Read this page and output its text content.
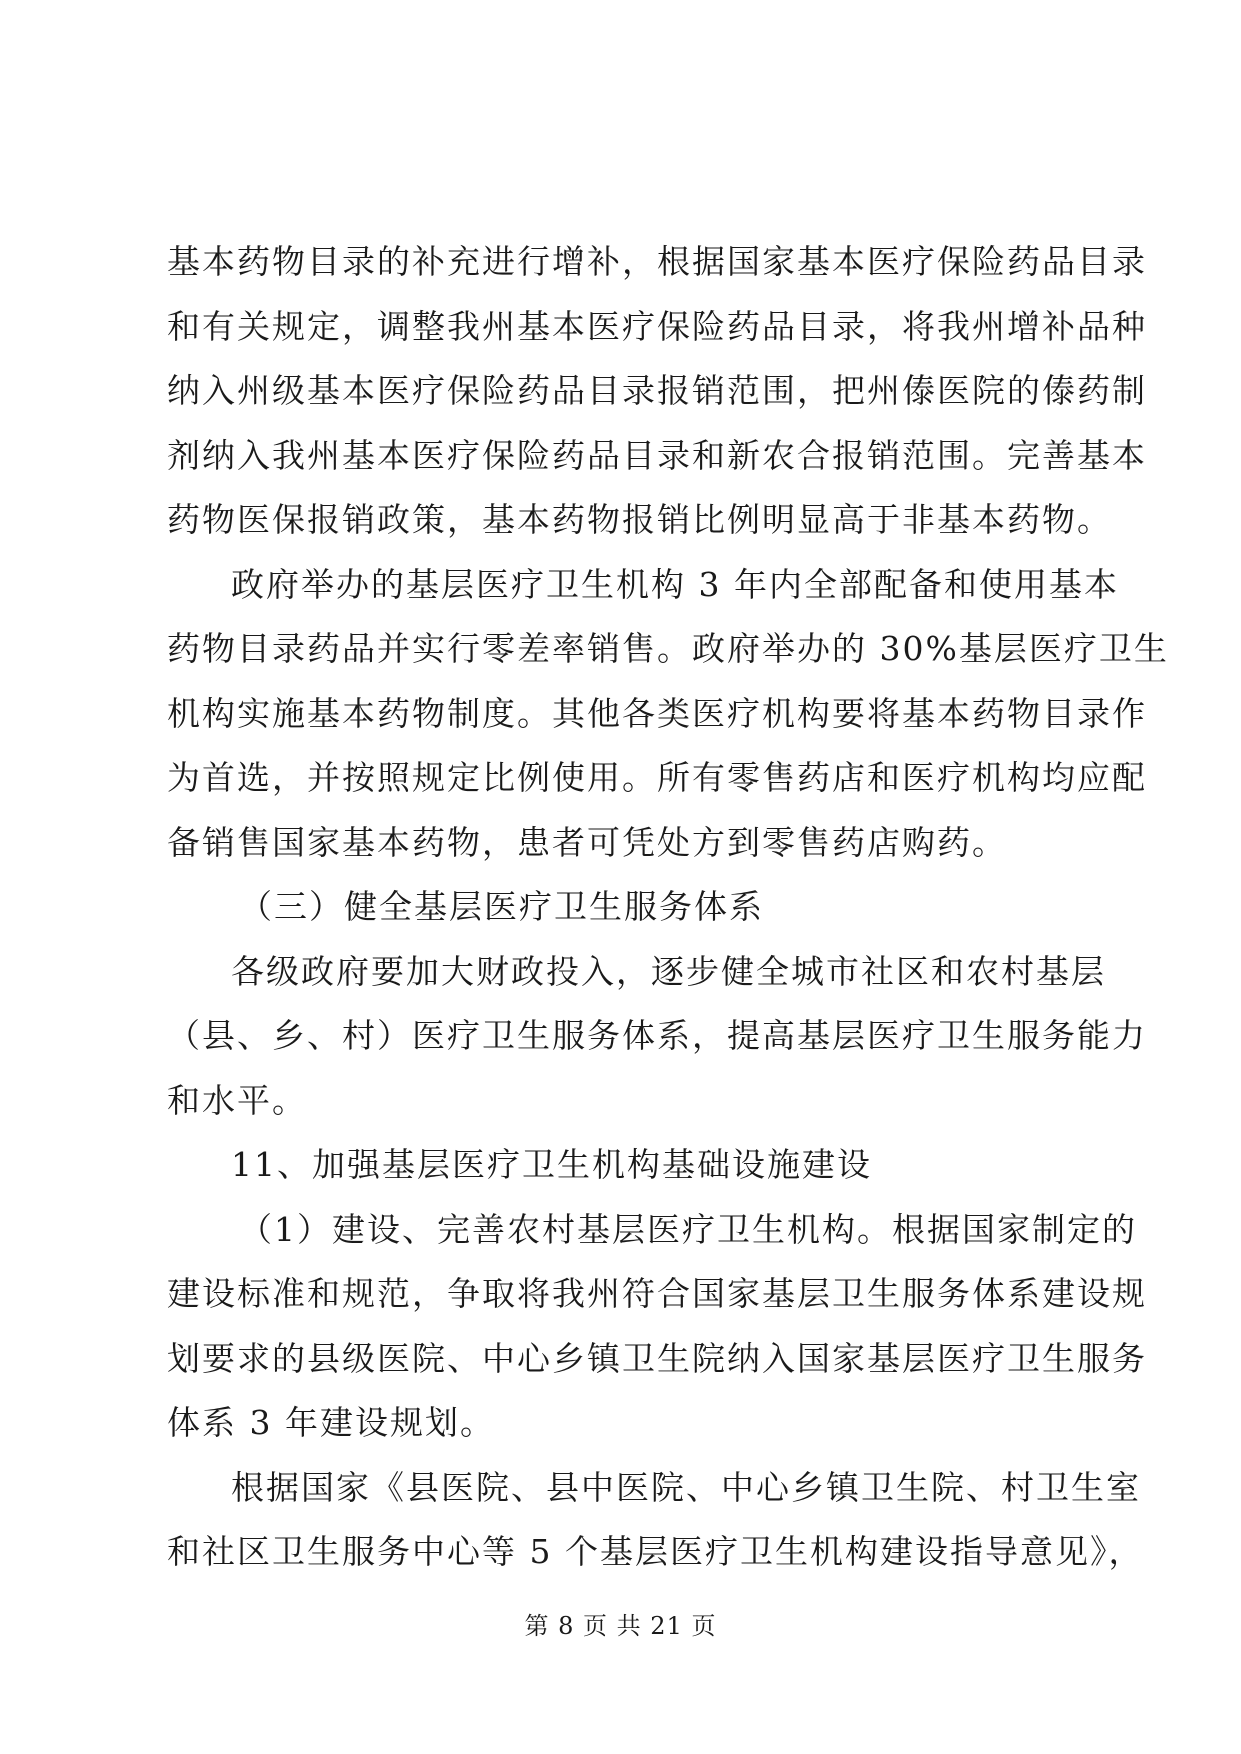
基本药物目录的补充进行增补，根据国家基本医疗保险药品目录
和有关规定，调整我州基本医疗保险药品目录，将我州增补品种
纳入州级基本医疗保险药品目录报销范围，把州傣医院的傣药制
剂纳入我州基本医疗保险药品目录和新农合报销范围。完善基本
药物医保报销政策，基本药物报销比例明显高于非基本药物。

政府举办的基层医疗卫生机构 3 年内全部配备和使用基本
药物目录药品并实行零差率销售。政府举办的 30%基层医疗卫生
机构实施基本药物制度。其他各类医疗机构要将基本药物目录作
为首选，并按照规定比例使用。所有零售药店和医疗机构均应配
备销售国家基本药物，患者可凭处方到零售药店购药。

（三）健全基层医疗卫生服务体系

各级政府要加大财政投入，逐步健全城市社区和农村基层
（县、乡、村）医疗卫生服务体系，提高基层医疗卫生服务能力
和水平。

11、加强基层医疗卫生机构基础设施建设

（1）建设、完善农村基层医疗卫生机构。根据国家制定的
建设标准和规范，争取将我州符合国家基层卫生服务体系建设规
划要求的县级医院、中心乡镇卫生院纳入国家基层医疗卫生服务
体系 3 年建设规划。

根据国家《县医院、县中医院、中心乡镇卫生院、村卫生室
和社区卫生服务中心等 5 个基层医疗卫生机构建设指导意见》，

第 8 页 共 21 页
